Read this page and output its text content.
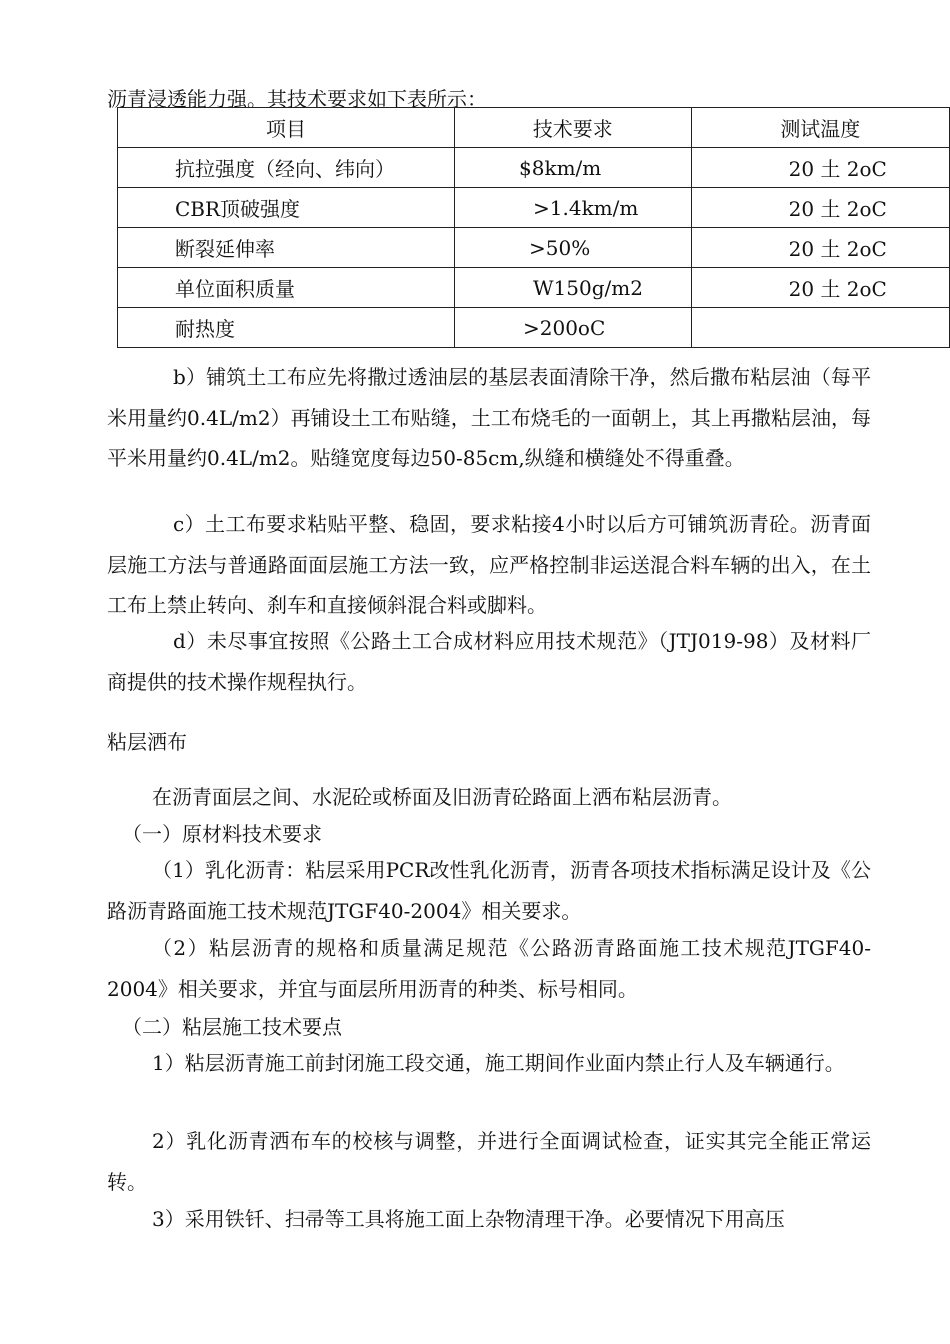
沥青浸透能力强。其技术要求如下表所示：
项目	技术要求	测试温度
抗拉强度（经向、纬向）	$8km/m	20 土 2oC
CBR顶破强度	>1.4km/m	20 土 2oC
断裂延伸率	>50%	20 土 2oC
单位面积质量	W150g/m2	20 土 2oC
耐热度	>200oC	
b）铺筑土工布应先将撒过透油层的基层表面清除干净，然后撒布粘层油（每平米用量约0.4L/m2）再铺设土工布贴缝，土工布烧毛的一面朝上，其上再撒粘层油，每平米用量约0.4L/m2。贴缝宽度每边50-85cm,纵缝和横缝处不得重叠。
c）土工布要求粘贴平整、稳固，要求粘接4小时以后方可铺筑沥青砼。沥青面层施工方法与普通路面面层施工方法一致，应严格控制非运送混合料车辆的出入，在土工布上禁止转向、刹车和直接倾斜混合料或脚料。
d）未尽事宜按照《公路土工合成材料应用技术规范》（JTJ019-98）及材料厂商提供的技术操作规程执行。
粘层洒布
在沥青面层之间、水泥砼或桥面及旧沥青砼路面上洒布粘层沥青。
（一）原材料技术要求
（1）乳化沥青：粘层采用PCR改性乳化沥青，沥青各项技术指标满足设计及《公路沥青路面施工技术规范JTGF40-2004》相关要求。
（2）粘层沥青的规格和质量满足规范《公路沥青路面施工技术规范JTGF40-2004》相关要求，并宜与面层所用沥青的种类、标号相同。
（二）粘层施工技术要点
1）粘层沥青施工前封闭施工段交通，施工期间作业面内禁止行人及车辆通行。
2）乳化沥青洒布车的校核与调整，并进行全面调试检查，证实其完全能正常运转。
3）采用铁钎、扫帚等工具将施工面上杂物清理干净。必要情况下用高压
